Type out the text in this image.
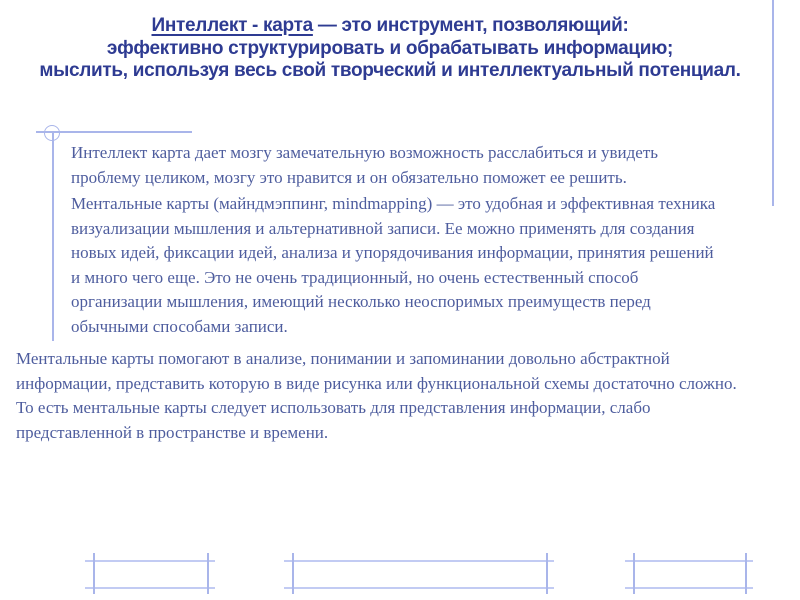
Интеллект - карта — это инструмент, позволяющий:
эффективно структурировать и обрабатывать информацию;
мыслить, используя весь свой творческий и интеллектуальный потенциал.
Интеллект карта дает мозгу замечательную возможность расслабиться и увидеть
проблему целиком, мозгу это нравится и он обязательно поможет ее решить.
Ментальные карты (майндмэппинг, mindmapping) — это удобная и эффективная техника
визуализации мышления и альтернативной записи. Ее можно применять для создания
новых идей, фиксации идей, анализа и упорядочивания информации, принятия решений
и много чего еще. Это не очень традиционный, но очень естественный способ
организации мышления, имеющий несколько неоспоримых преимуществ перед
обычными способами записи.
Ментальные карты помогают в анализе, понимании и запоминании довольно абстрактной
информации, представить которую в виде рисунка или функциональной схемы достаточно сложно.
То есть ментальные карты следует использовать для представления информации, слабо
представленной в пространстве и времени.
